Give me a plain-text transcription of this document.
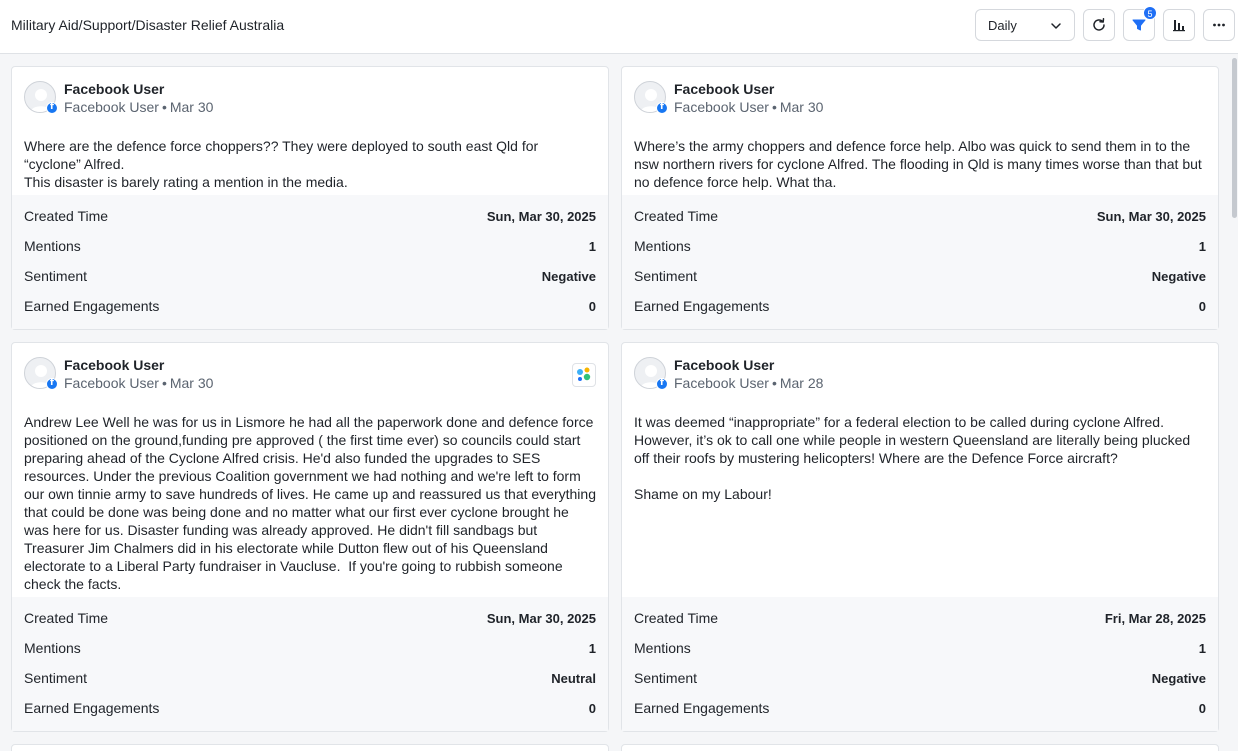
Military Aid/Support/Disaster Relief Australia	Daily
5
f
Facebook User
Facebook User • Mar 30
Where are the defence force choppers?? They were deployed to south east Qld for “cyclone” Alfred.
This disaster is barely rating a mention in the media.
Created Time	Sun, Mar 30, 2025
Mentions	1
Sentiment	Negative
Earned Engagements	0
f
Facebook User
Facebook User • Mar 30
Where’s the army choppers and defence force help. Albo was quick to send them in to the nsw northern rivers for cyclone Alfred. The flooding in Qld is many times worse than that but no defence force help. What tha.
Created Time	Sun, Mar 30, 2025
Mentions	1
Sentiment	Negative
Earned Engagements	0
f
Facebook User
Facebook User • Mar 30
Andrew Lee Well he was for us in Lismore he had all the paperwork done and defence force positioned on the ground,funding pre approved ( the first time ever) so councils could start preparing ahead of the Cyclone Alfred crisis. He'd also funded the upgrades to SES resources. Under the previous Coalition government we had nothing and we're left to form our own tinnie army to save hundreds of lives. He came up and reassured us that everything that could be done was being done and no matter what our first ever cyclone brought he was here for us. Disaster funding was already approved. He didn't fill sandbags but Treasurer Jim Chalmers did in his electorate while Dutton flew out of his Queensland electorate to a Liberal Party fundraiser in Vaucluse.  If you're going to rubbish someone  check the facts.
Created Time	Sun, Mar 30, 2025
Mentions	1
Sentiment	Neutral
Earned Engagements	0
f
Facebook User
Facebook User • Mar 28
It was deemed “inappropriate” for a federal election to be called during cyclone Alfred. However, it’s ok to call one while people in western Queensland are literally being plucked off their roofs by mustering helicopters! Where are the Defence Force aircraft?

Shame on my Labour!
Created Time	Fri, Mar 28, 2025
Mentions	1
Sentiment	Negative
Earned Engagements	0
